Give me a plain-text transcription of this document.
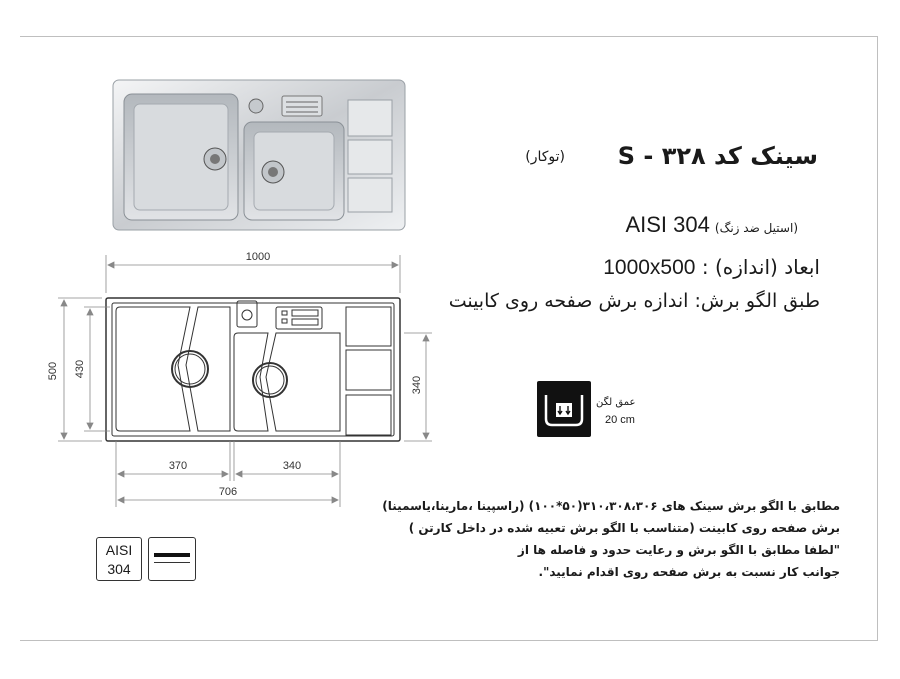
1000
500 430
340
370	340
706
سینک کد S - ۳۲۸
(توکار)
AISI 304 (استیل ضد زنگ)
1000x500 : ابعاد (اندازه)
طبق الگو برش: اندازه برش صفحه روی کابینت
عمق لگن
20 cm
مطابق با الگو برش سینک های ۳۱۰،۳۰۸،۳۰۶(۵۰*۱۰۰) (راسپینا ،مارینا،یاسمینا)
برش صفحه روی کابینت (متناسب با الگو برش تعبیه شده در داخل کارتن )
"لطفا مطابق با الگو برش و رعایت حدود و فاصله ها از
جوانب کار نسبت به برش صفحه روی اقدام نمایید".
AISI
304
